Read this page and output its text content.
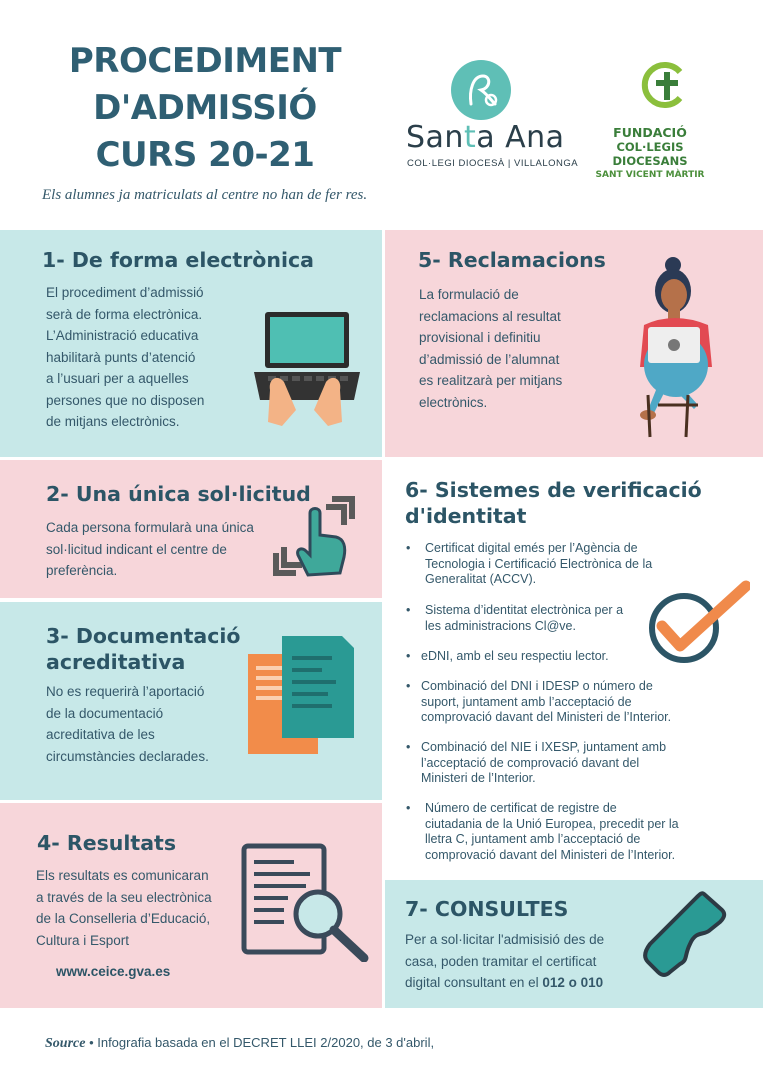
PROCEDIMENT
D'ADMISSIÓ
CURS 20-21	Santa Ana
COL·LEGI DIOCESÀ | VILLALONGA
FUNDACIÓ
COL·LEGIS DIOCESANS
SANT VICENT MÀRTIR
Els alumnes ja matriculats al centre no han de fer res.
1- De forma electrònica
El procediment d’admissió
serà de forma electrònica.
L’Administració educativa
habilitarà punts d’atenció
a l’usuari per a aquelles
persones que no disposen
de mitjans electrònics.
5- Reclamacions
La formulació de
reclamacions al resultat
provisional i definitiu
d’admissió de l’alumnat
es realitzarà per mitjans
electrònics.
2- Una única sol·licitud
Cada persona formularà una única
sol·licitud indicant el centre de
preferència.
3- Documentació
acreditativa
No es requerirà l’aportació
de la documentació
acreditativa de les
circumstàncies declarades.
4- Resultats
Els resultats es comunicaran
a través de la seu electrònica
de la Conselleria d’Educació,
Cultura i Esport
www.ceice.gva.es
6- Sistemes de verificació
d'identitat
• Certificat digital emés per l’Agència de
Tecnologia i Certificació Electrònica de la
Generalitat (ACCV).
• Sistema d’identitat electrònica per a
les administracions Cl@ve.
• eDNI, amb el seu respectiu lector.
• Combinació del DNI i IDESP o número de
suport, juntament amb l’acceptació de
comprovació davant del Ministeri de l’Interior.
• Combinació del NIE i IXESP, juntament amb
l’acceptació de comprovació davant del
Ministeri de l’Interior.
• Número de certificat de registre de
ciutadania de la Unió Europea, precedit per la
lletra C, juntament amb l’acceptació de
comprovació davant del Ministeri de l’Interior.
7- CONSULTES
Per a sol·licitar l'admisisió des de
casa, poden tramitar el certificat
digital consultant en el 012 o 010
Source • Infografia basada en el DECRET LLEI 2/2020, de 3 d'abril,
